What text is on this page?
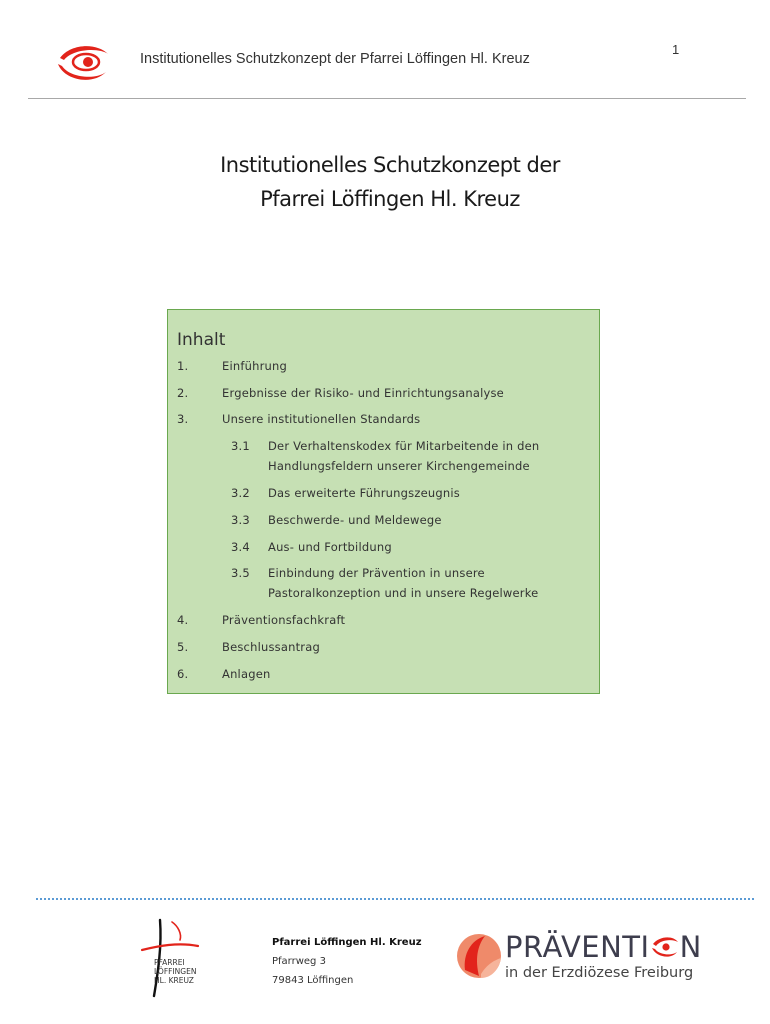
Institutionelles Schutzkonzept der Pfarrei Löffingen Hl. Kreuz
1
Institutionelles Schutzkonzept der
Pfarrei Löffingen Hl. Kreuz
Inhalt
1.	Einführung
2.	Ergebnisse der Risiko- und Einrichtungsanalyse
3.	Unsere institutionellen Standards
3.1 Der Verhaltenskodex für Mitarbeitende in den Handlungsfeldern unserer Kirchengemeinde
3.2 Das erweiterte Führungszeugnis
3.3 Beschwerde- und Meldewege
3.4 Aus- und Fortbildung
3.5 Einbindung der Prävention in unsere Pastoralkonzeption und in unsere Regelwerke
4.	Präventionsfachkraft
5.	Beschlussantrag
6.	Anlagen
PFARREI
LÖFFINGEN
HL. KREUZ
Pfarrei Löffingen Hl. Kreuz
Pfarrweg 3
79843 Löffingen
PRÄVENTI N
in der Erzdiözese Freiburg
